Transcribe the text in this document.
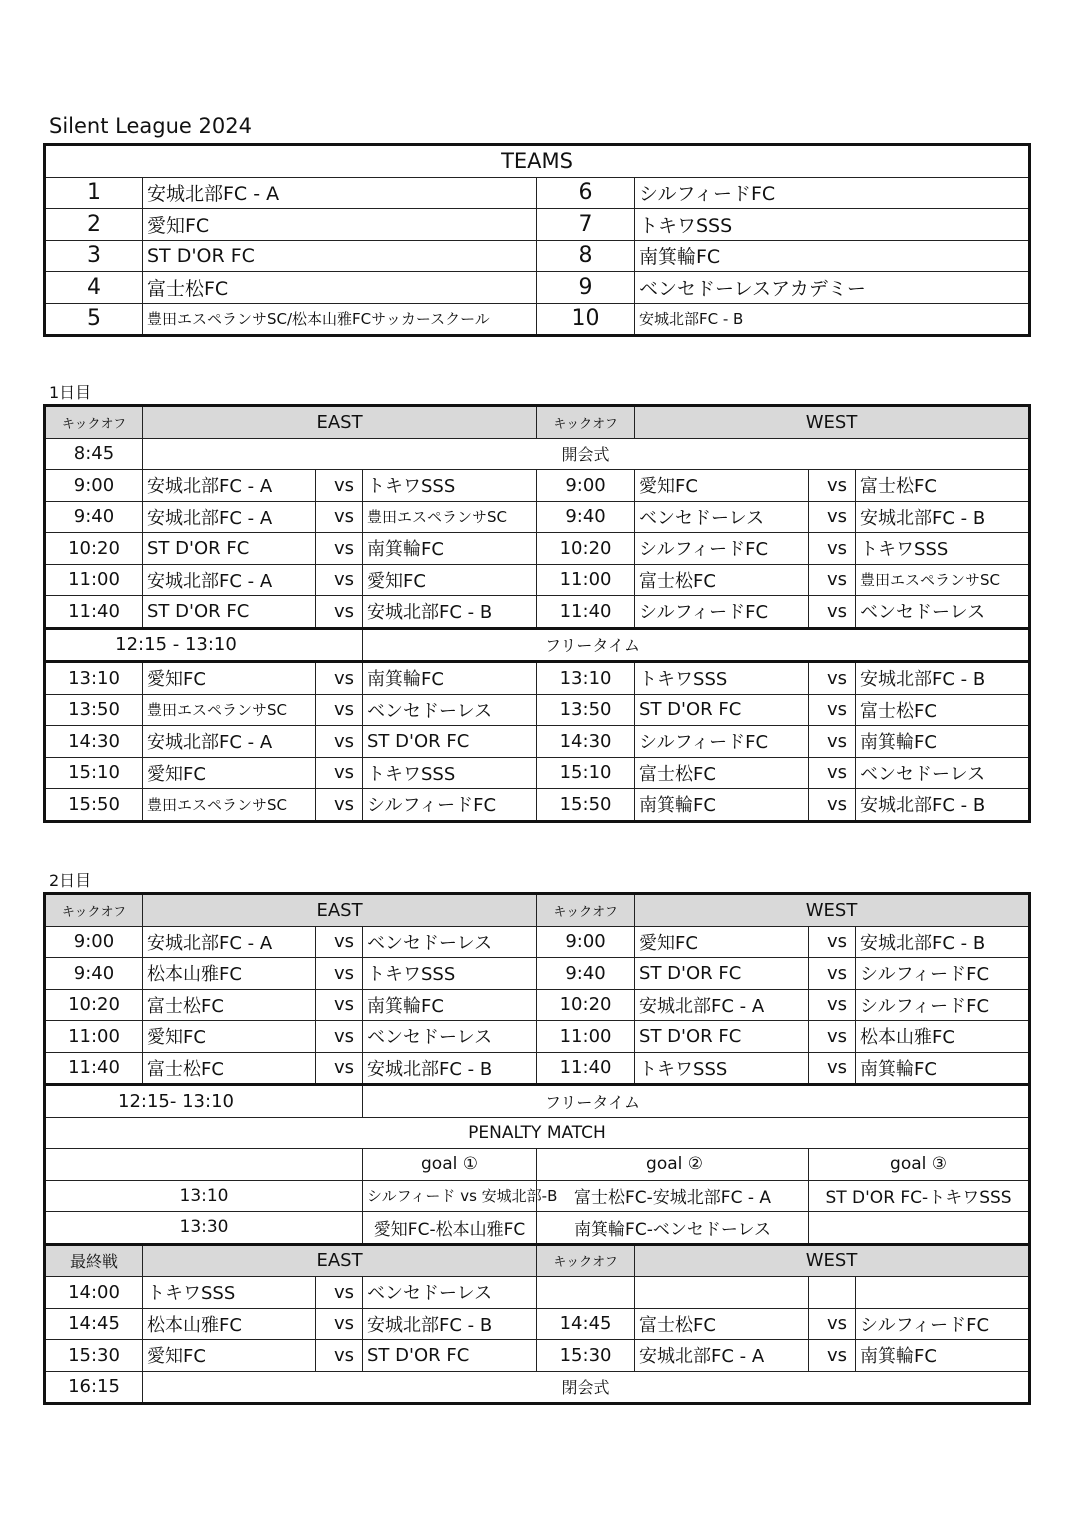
Silent League 2024
TEAMS			
1	安城北部FC - A	6	シルフィードFC
2	愛知FC	7	トキワSSS
3	ST D'OR FC	8	南箕輪FC
4	富士松FC	9	ベンセドーレスアカデミー
5	豊田エスペランサSC/松本山雅FCサッカースクール	10	安城北部FC - B
1日目
キックオフ	EAST			キックオフ	WEST		
8:45	開会式						
9:00	安城北部FC - A	vs	トキワSSS	9:00	愛知FC	vs	富士松FC
9:40	安城北部FC - A	vs	豊田エスペランサSC	9:40	ベンセドーレス	vs	安城北部FC - B
10:20	ST D'OR FC	vs	南箕輪FC	10:20	シルフィードFC	vs	トキワSSS
11:00	安城北部FC - A	vs	愛知FC	11:00	富士松FC	vs	豊田エスペランサSC
11:40	ST D'OR FC	vs	安城北部FC - B	11:40	シルフィードFC	vs	ベンセドーレス
12:15 - 13:10			フリータイム				
13:10	愛知FC	vs	南箕輪FC	13:10	トキワSSS	vs	安城北部FC - B
13:50	豊田エスペランサSC	vs	ベンセドーレス	13:50	ST D'OR FC	vs	富士松FC
14:30	安城北部FC - A	vs	ST D'OR FC	14:30	シルフィードFC	vs	南箕輪FC
15:10	愛知FC	vs	トキワSSS	15:10	富士松FC	vs	ベンセドーレス
15:50	豊田エスペランサSC	vs	シルフィードFC	15:50	南箕輪FC	vs	安城北部FC - B
2日目
キックオフ	EAST			キックオフ	WEST		
9:00	安城北部FC - A	vs	ベンセドーレス	9:00	愛知FC	vs	安城北部FC - B
9:40	松本山雅FC	vs	トキワSSS	9:40	ST D'OR FC	vs	シルフィードFC
10:20	富士松FC	vs	南箕輪FC	10:20	安城北部FC - A	vs	シルフィードFC
11:00	愛知FC	vs	ベンセドーレス	11:00	ST D'OR FC	vs	松本山雅FC
11:40	富士松FC	vs	安城北部FC - B	11:40	トキワSSS	vs	南箕輪FC
12:15- 13:10			フリータイム				
PENALTY MATCH							
			goal ①	goal ②		goal ③	
13:10			シルフィード vs 安城北部-B	富士松FC-安城北部FC - A		ST D'OR FC-トキワSSS	
13:30			愛知FC-松本山雅FC	南箕輪FC-ベンセドーレス			
最終戦	EAST			キックオフ	WEST		
14:00	トキワSSS	vs	ベンセドーレス				
14:45	松本山雅FC	vs	安城北部FC - B	14:45	富士松FC	vs	シルフィードFC
15:30	愛知FC	vs	ST D'OR FC	15:30	安城北部FC - A	vs	南箕輪FC
16:15	閉会式						
